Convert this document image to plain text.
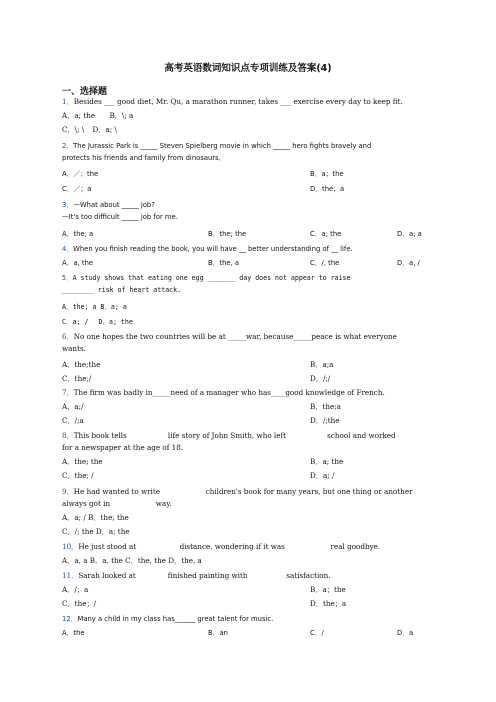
高考英语数词知识点专项训练及答案(4)
一、选择题
1．Besides ___ good diet, Mr. Qu, a marathon runner, takes ___ exercise every day to keep fit.
A．a; the B．\; a
C．\; \ D．a; \
2．The Jurassic Park is _____ Steven Spielberg movie in which _____ hero fights bravely and
protects his friends and family from dinosaurs．
A．／；the	B．a；the
C．／；a	D．the；a
3．—What about _____ job?
—It's too difficult _____ job for me.
A．the; a	B．the; the	C．a; the	D．a; a
4．When you finish reading the book, you will have __ better understanding of __ life.
A．a, the	B．the, a	C．/, the	D．a, /
5．A study shows that eating one egg _______ day does not appear to raise
________ risk of heart attack.
A．the; a B．a; a
C．a; / D．a; the
6．No one hopes the two countries will be at _____war, because_____peace is what everyone
wants.
A．the;the	B．a;a
C．the;/	D．/;/
7．The firm was badly in_____need of a manager who has____good knowledge of French.
A．a;/	B．the;a
C．/;a	D．/;the
8．This book tells                  life story of John Smith, who left                  school and worked
for a newspaper at the age of 18.
A．the; the	B．a; the
C．the; /	D．a; /
9．He had wanted to write                    children's book for many years, but one thing or another
always got in                    way.
A．a; / B．the; the
C．/; the D．a; the
10．He just stood at                   distance, wondering if it was                    real goodbye.
A．a, a B．a, the C．the, the D．the, a
11．Sarah looked at              finished painting with                 satisfaction.
A．/；a	B．a；the
C．the；/	D．the；a
12．Many a child in my class has______ great talent for music.
A．the	B．an	C．/	D．a
